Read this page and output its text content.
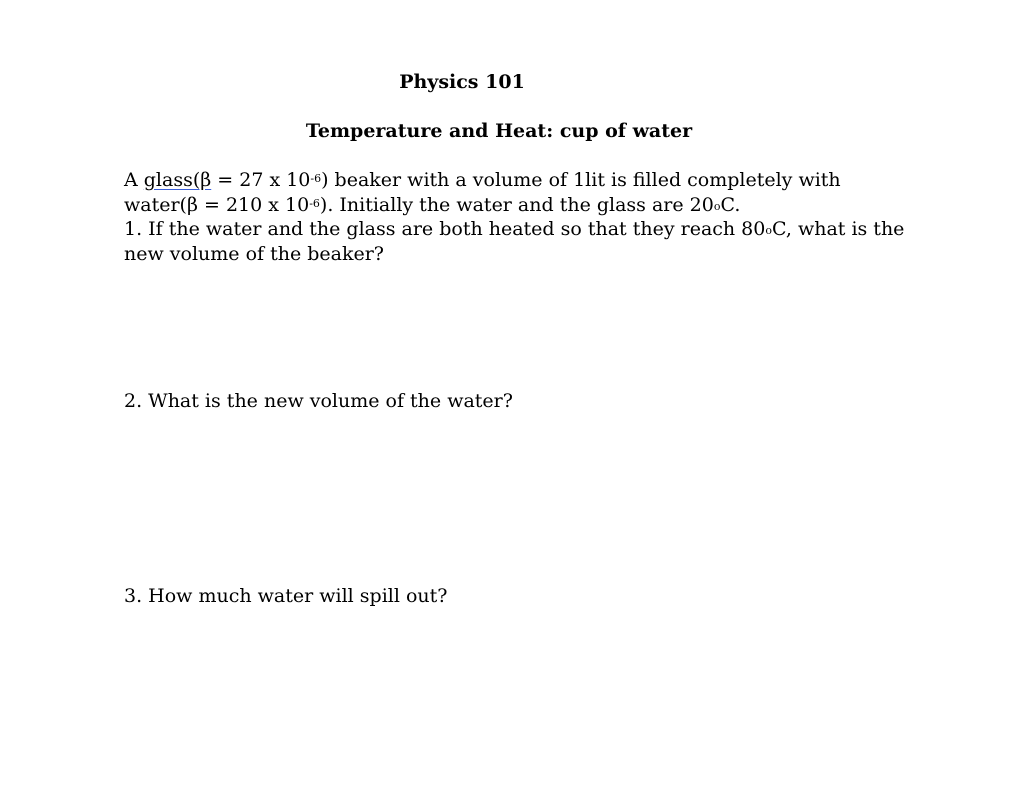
Physics 101
Temperature and Heat: cup of water
A glass(β = 27 x $10^{-6}$) beaker with a volume of 1lit is filled completely with
water(β = 210 x $10^{-6}$). Initially the water and the glass are 20$^o$C.
1. If the water and the glass are both heated so that they reach 80$^o$C, what is the
new volume of the beaker?
2. What is the new volume of the water?
3. How much water will spill out?
